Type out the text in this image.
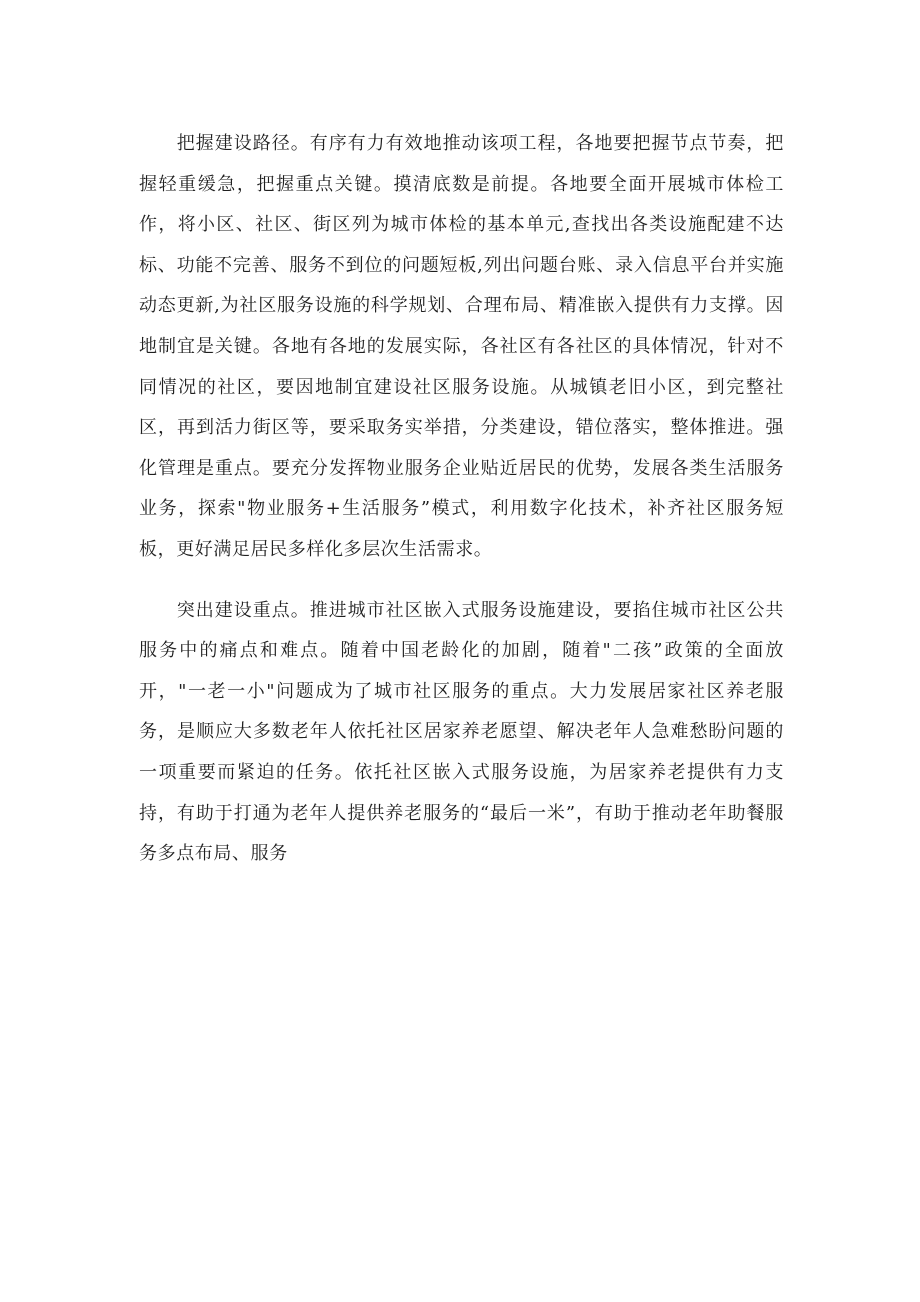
把握建设路径。有序有力有效地推动该项工程，各地要把握节点节奏，把握轻重缓急，把握重点关键。摸清底数是前提。各地要全面开展城市体检工作，将小区、社区、街区列为城市体检的基本单元,查找出各类设施配建不达标、功能不完善、服务不到位的问题短板,列出问题台账、录入信息平台并实施动态更新,为社区服务设施的科学规划、合理布局、精准嵌入提供有力支撑。因地制宜是关键。各地有各地的发展实际，各社区有各社区的具体情况，针对不同情况的社区，要因地制宜建设社区服务设施。从城镇老旧小区，到完整社区，再到活力街区等，要采取务实举措，分类建设，错位落实，整体推进。强化管理是重点。要充分发挥物业服务企业贴近居民的优势，发展各类生活服务业务，探索"物业服务+生活服务”模式，利用数字化技术，补齐社区服务短板，更好满足居民多样化多层次生活需求。

突出建设重点。推进城市社区嵌入式服务设施建设，要掐住城市社区公共服务中的痛点和难点。随着中国老龄化的加剧，随着"二孩”政策的全面放开，"一老一小"问题成为了城市社区服务的重点。大力发展居家社区养老服务，是顺应大多数老年人依托社区居家养老愿望、解决老年人急难愁盼问题的一项重要而紧迫的任务。依托社区嵌入式服务设施，为居家养老提供有力支持，有助于打通为老年人提供养老服务的“最后一米”，有助于推动老年助餐服务多点布局、服务
